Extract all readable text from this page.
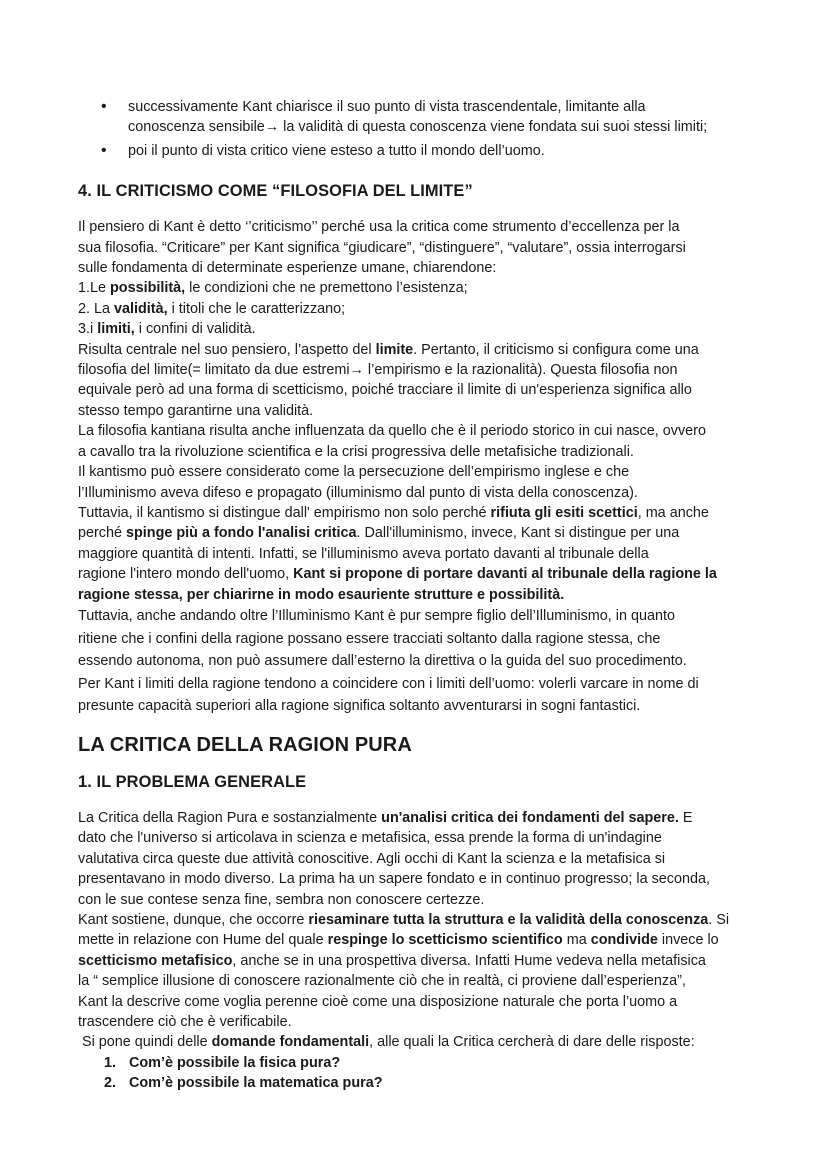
• successivamente Kant chiarisce il suo punto di vista trascendentale, limitante alla
conoscenza sensibile→ la validità di questa conoscenza viene fondata sui suoi stessi limiti;
• poi il punto di vista critico viene esteso a tutto il mondo dell’uomo.
4. IL CRITICISMO COME “FILOSOFIA DEL LIMITE”
Il pensiero di Kant è detto ‘’criticismo’’ perché usa la critica come strumento d’eccellenza per la
sua filosofia. “Criticare” per Kant significa “giudicare”, “distinguere”, “valutare”, ossia interrogarsi
sulle fondamenta di determinate esperienze umane, chiarendone:
1.Le possibilità, le condizioni che ne premettono l’esistenza;
2. La validità, i titoli che le caratterizzano;
3.i limiti, i confini di validità.
Risulta centrale nel suo pensiero, l’aspetto del limite. Pertanto, il criticismo si configura come una
filosofia del limite(= limitato da due estremi→ l’empirismo e la razionalità). Questa filosofia non
equivale però ad una forma di scetticismo, poiché tracciare il limite di un'esperienza significa allo
stesso tempo garantirne una validità.
La filosofia kantiana risulta anche influenzata da quello che è il periodo storico in cui nasce, ovvero
a cavallo tra la rivoluzione scientifica e la crisi progressiva delle metafisiche tradizionali.
Il kantismo può essere considerato come la persecuzione dell’empirismo inglese e che
l’Illuminismo aveva difeso e propagato (illuminismo dal punto di vista della conoscenza).
Tuttavia, il kantismo si distingue dall' empirismo non solo perché rifiuta gli esiti scettici, ma anche
perché spinge più a fondo l'analisi critica. Dall'illuminismo, invece, Kant si distingue per una
maggiore quantità di intenti. Infatti, se l'illuminismo aveva portato davanti al tribunale della
ragione l'intero mondo dell'uomo, Kant si propone di portare davanti al tribunale della ragione la
ragione stessa, per chiarirne in modo esauriente strutture e possibilità.
Tuttavia, anche andando oltre l’Illuminismo Kant è pur sempre figlio dell’Illuminismo, in quanto
ritiene che i confini della ragione possano essere tracciati soltanto dalla ragione stessa, che
essendo autonoma, non può assumere dall’esterno la direttiva o la guida del suo procedimento.
Per Kant i limiti della ragione tendono a coincidere con i limiti dell’uomo: volerli varcare in nome di
presunte capacità superiori alla ragione significa soltanto avventurarsi in sogni fantastici.
LA CRITICA DELLA RAGION PURA
1. IL PROBLEMA GENERALE
La Critica della Ragion Pura e sostanzialmente un'analisi critica dei fondamenti del sapere. E
dato che l'universo si articolava in scienza e metafisica, essa prende la forma di un'indagine
valutativa circa queste due attività conoscitive. Agli occhi di Kant la scienza e la metafisica si
presentavano in modo diverso. La prima ha un sapere fondato e in continuo progresso; la seconda,
con le sue contese senza fine, sembra non conoscere certezze.
Kant sostiene, dunque, che occorre riesaminare tutta la struttura e la validità della conoscenza. Si
mette in relazione con Hume del quale respinge lo scetticismo scientifico ma condivide invece lo
scetticismo metafisico, anche se in una prospettiva diversa. Infatti Hume vedeva nella metafisica
la “ semplice illusione di conoscere razionalmente ciò che in realtà, ci proviene dall’esperienza”,
Kant la descrive come voglia perenne cioè come una disposizione naturale che porta l’uomo a
trascendere ciò che è verificabile.
Si pone quindi delle domande fondamentali, alle quali la Critica cercherà di dare delle risposte:
1. Com’è possibile la fisica pura?
2. Com’è possibile la matematica pura?
